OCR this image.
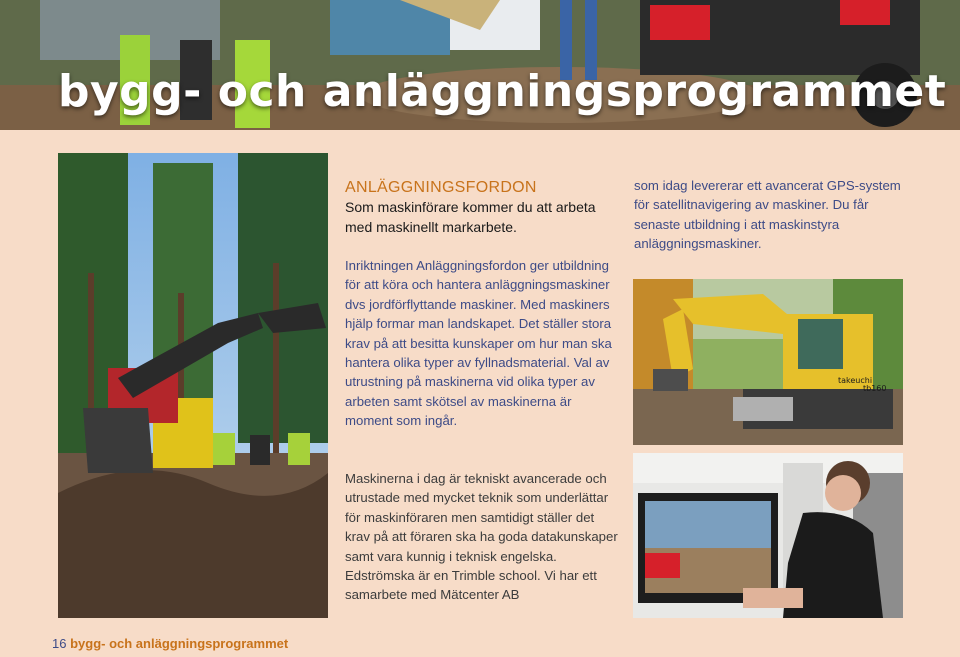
bygg- och anläggningsprogrammet
ANLÄGGNINGSFORDON

Som maskinförare kommer du att arbeta med maskinellt markarbete.

Inriktningen Anläggningsfordon ger utbildning för att köra och hantera anläggningsmaskiner dvs jordförflyttande maskiner. Med maskiners hjälp formar man landskapet. Det ställer stora krav på att besitta kunskaper om hur man ska hantera olika typer av fyllnadsmaterial. Val av utrustning på maskinerna vid olika typer av arbeten samt skötsel av maskinerna är moment som ingår.

Maskinerna i dag är tekniskt avancerade och utrustade med mycket teknik som underlättar för maskinföraren men samtidigt ställer det krav på att föraren ska ha goda datakunskaper samt vara kunnig i teknisk engelska. Edströmska är en Trimble school. Vi har ett samarbete med Mätcenter AB

som idag levererar ett avancerat GPS-system för satellitnavigering av maskiner. Du får senaste utbildning i att maskinstyra anläggningsmaskiner.

takeuchi
tb160
16 bygg- och anläggningsprogrammet
